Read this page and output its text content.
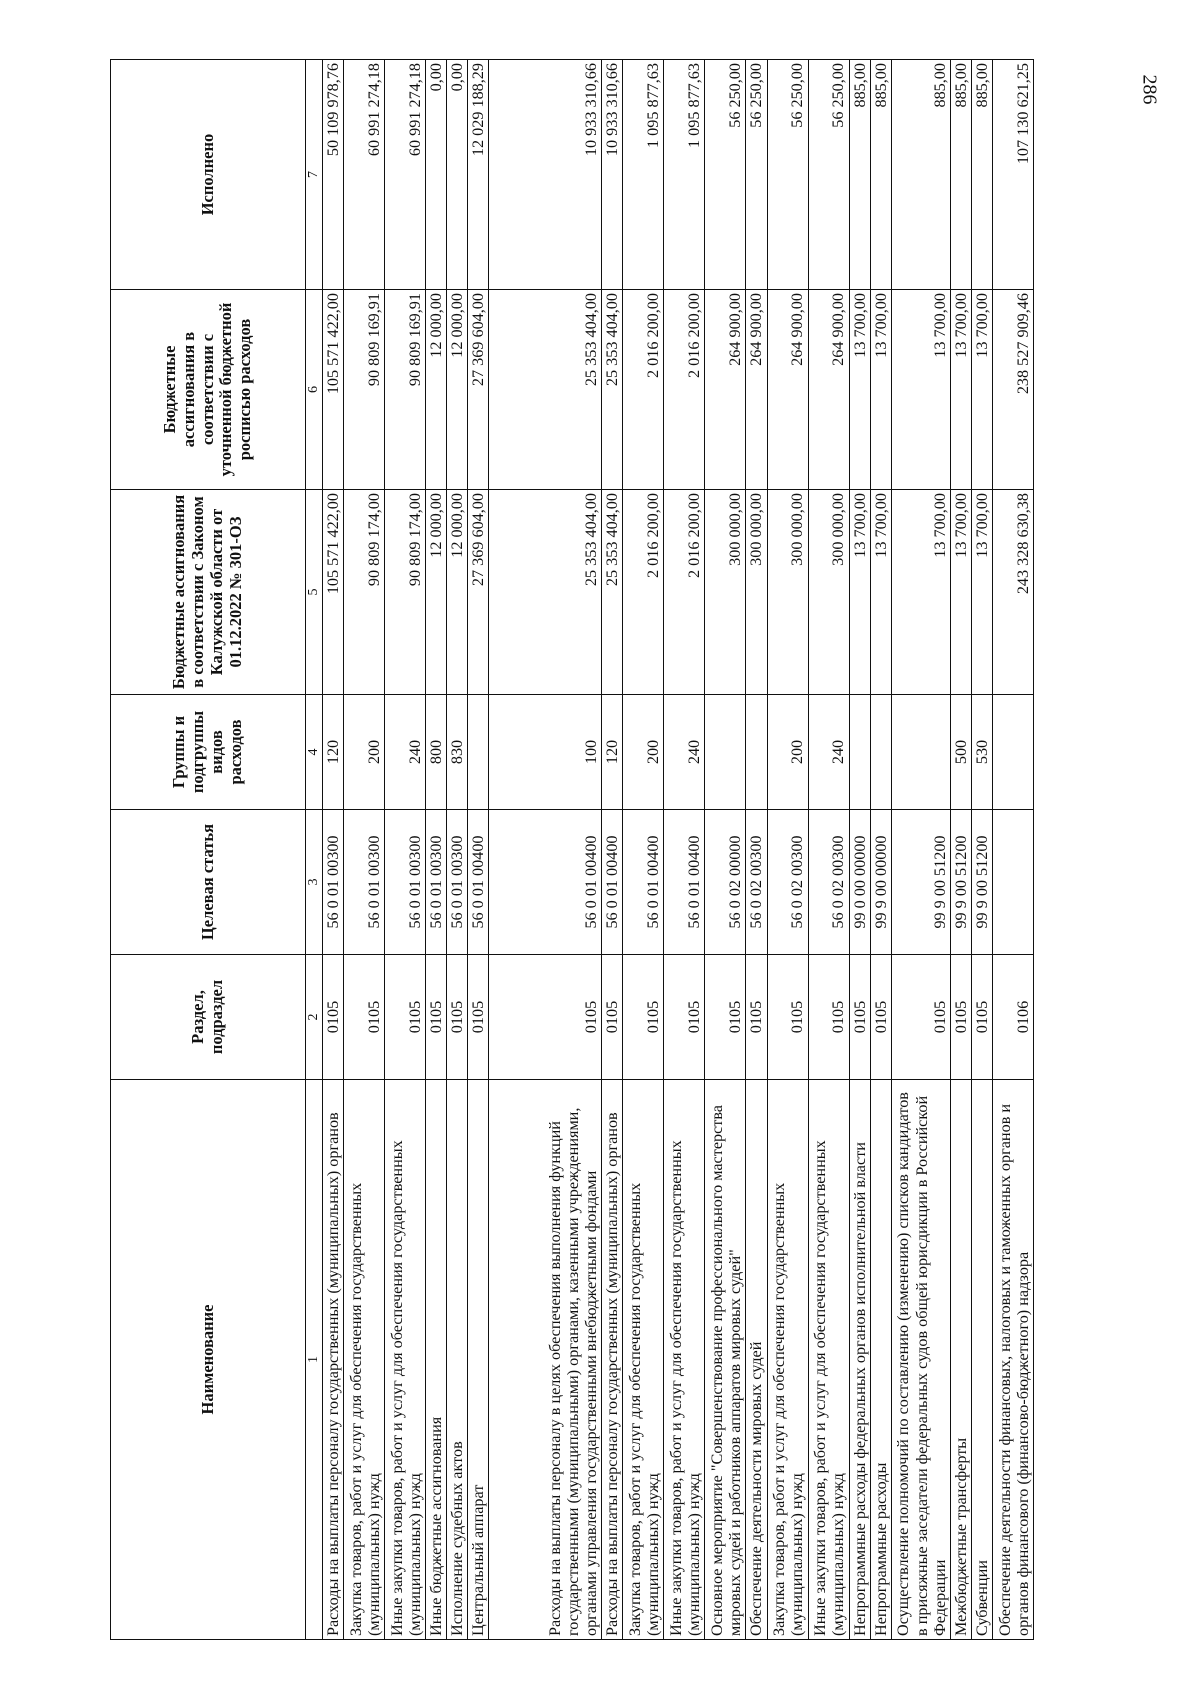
286
Наименование	Раздел, подраздел	Целевая статья	Группы и подгруппы видов расходов	Бюджетные ассигнования в соответствии с Законом Калужской области от 01.12.2022 № 301-ОЗ	Бюджетные ассигнования в соответствии с уточненной бюджетной росписью расходов	Исполнено
1	2	3	4	5	6	7
Расходы на выплаты персоналу государственных (муниципальных) органов	0105	56 0 01 00300	120	105 571 422,00	105 571 422,00	50 109 978,76
Закупка товаров, работ и услуг для обеспечения государственных (муниципальных) нужд	0105	56 0 01 00300	200	90 809 174,00	90 809 169,91	60 991 274,18
Иные закупки товаров, работ и услуг для обеспечения государственных (муниципальных) нужд	0105	56 0 01 00300	240	90 809 174,00	90 809 169,91	60 991 274,18
Иные бюджетные ассигнования	0105	56 0 01 00300	800	12 000,00	12 000,00	0,00
Исполнение судебных актов	0105	56 0 01 00300	830	12 000,00	12 000,00	0,00
Центральный аппарат	0105	56 0 01 00400		27 369 604,00	27 369 604,00	12 029 188,29
Расходы на выплаты персоналу в целях обеспечения выполнения функций государственными (муниципальными) органами, казенными учреждениями, органами управления государственными внебюджетными фондами	0105	56 0 01 00400	100	25 353 404,00	25 353 404,00	10 933 310,66
Расходы на выплаты персоналу государственных (муниципальных) органов	0105	56 0 01 00400	120	25 353 404,00	25 353 404,00	10 933 310,66
Закупка товаров, работ и услуг для обеспечения государственных (муниципальных) нужд	0105	56 0 01 00400	200	2 016 200,00	2 016 200,00	1 095 877,63
Иные закупки товаров, работ и услуг для обеспечения государственных (муниципальных) нужд	0105	56 0 01 00400	240	2 016 200,00	2 016 200,00	1 095 877,63
Основное мероприятие "Совершенствование профессионального мастерства мировых судей и работников аппаратов мировых судей"	0105	56 0 02 00000		300 000,00	264 900,00	56 250,00
Обеспечение деятельности мировых судей	0105	56 0 02 00300		300 000,00	264 900,00	56 250,00
Закупка товаров, работ и услуг для обеспечения государственных (муниципальных) нужд	0105	56 0 02 00300	200	300 000,00	264 900,00	56 250,00
Иные закупки товаров, работ и услуг для обеспечения государственных (муниципальных) нужд	0105	56 0 02 00300	240	300 000,00	264 900,00	56 250,00
Непрограммные расходы федеральных органов исполнительной власти	0105	99 0 00 00000		13 700,00	13 700,00	885,00
Непрограммные расходы	0105	99 9 00 00000		13 700,00	13 700,00	885,00
Осуществление полномочий по составлению (изменению) списков кандидатов в присяжные заседатели федеральных судов общей юрисдикции в Российской Федерации	0105	99 9 00 51200		13 700,00	13 700,00	885,00
Межбюджетные трансферты	0105	99 9 00 51200	500	13 700,00	13 700,00	885,00
Субвенции	0105	99 9 00 51200	530	13 700,00	13 700,00	885,00
Обеспечение деятельности финансовых, налоговых и таможенных органов и органов финансового (финансово-бюджетного) надзора	0106			243 328 630,38	238 527 909,46	107 130 621,25
